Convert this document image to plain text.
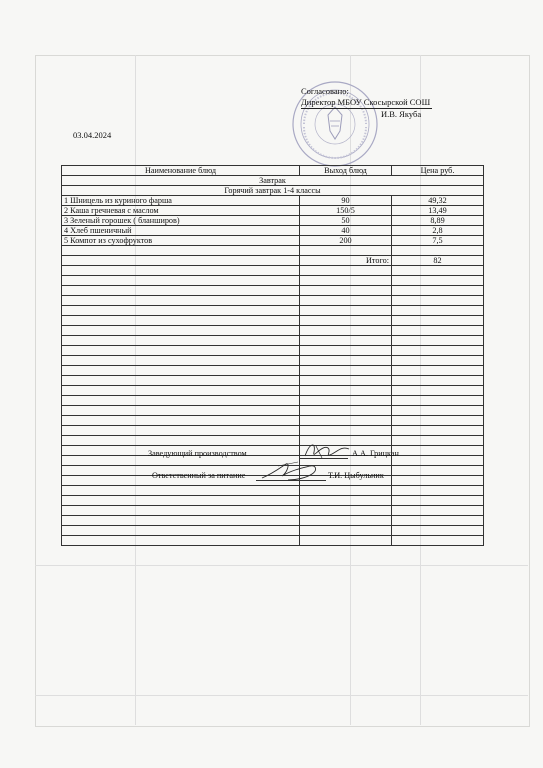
Согласовано:
Директор МБОУ Скосырской СОШ
И.В. Якуба
03.04.2024
Наименование блюд	Выход блюд	Цена руб.
Завтрак		
Горячий завтрак 1-4 классы		
1 Шницель из куриного фарша	90	49,32
2 Каша гречневая с маслом	150/5	13,49
3 Зеленый горошек ( бланширов)	50	8,89
4 Хлеб пшеничный	40	2,8
5 Компот из сухофруктов	200	7,5

	Итого:	82

Заведующий производством	А.А. Грицкан
Ответственный за питание	Т.И. Цыбульник
